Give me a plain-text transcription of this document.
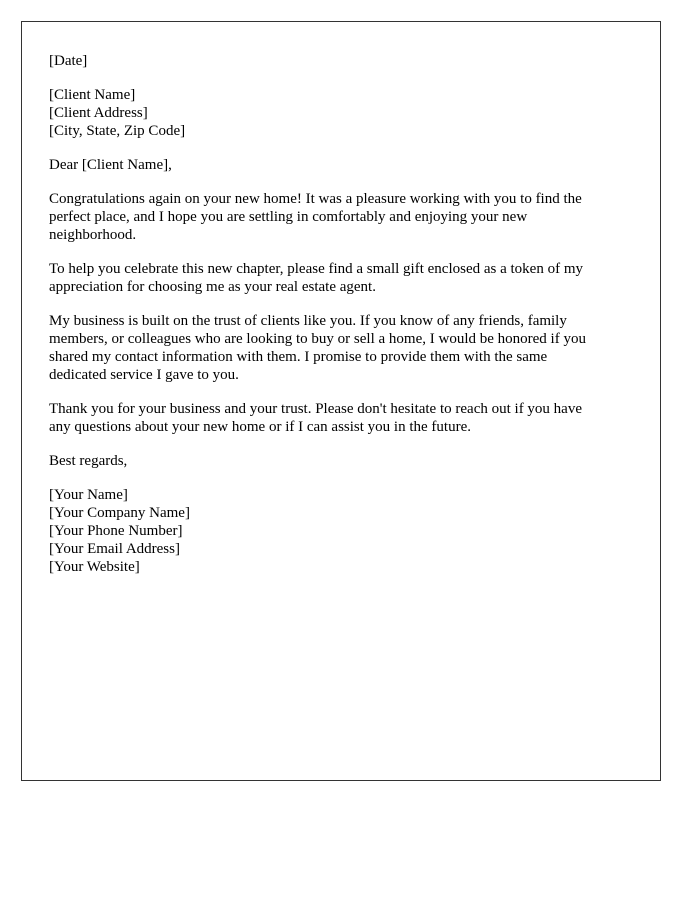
[Date]

[Client Name]
[Client Address]
[City, State, Zip Code]

Dear [Client Name],

Congratulations again on your new home! It was a pleasure working with you to find the
perfect place, and I hope you are settling in comfortably and enjoying your new
neighborhood.

To help you celebrate this new chapter, please find a small gift enclosed as a token of my
appreciation for choosing me as your real estate agent.

My business is built on the trust of clients like you. If you know of any friends, family
members, or colleagues who are looking to buy or sell a home, I would be honored if you
shared my contact information with them. I promise to provide them with the same
dedicated service I gave to you.

Thank you for your business and your trust. Please don't hesitate to reach out if you have
any questions about your new home or if I can assist you in the future.

Best regards,

[Your Name]
[Your Company Name]
[Your Phone Number]
[Your Email Address]
[Your Website]
